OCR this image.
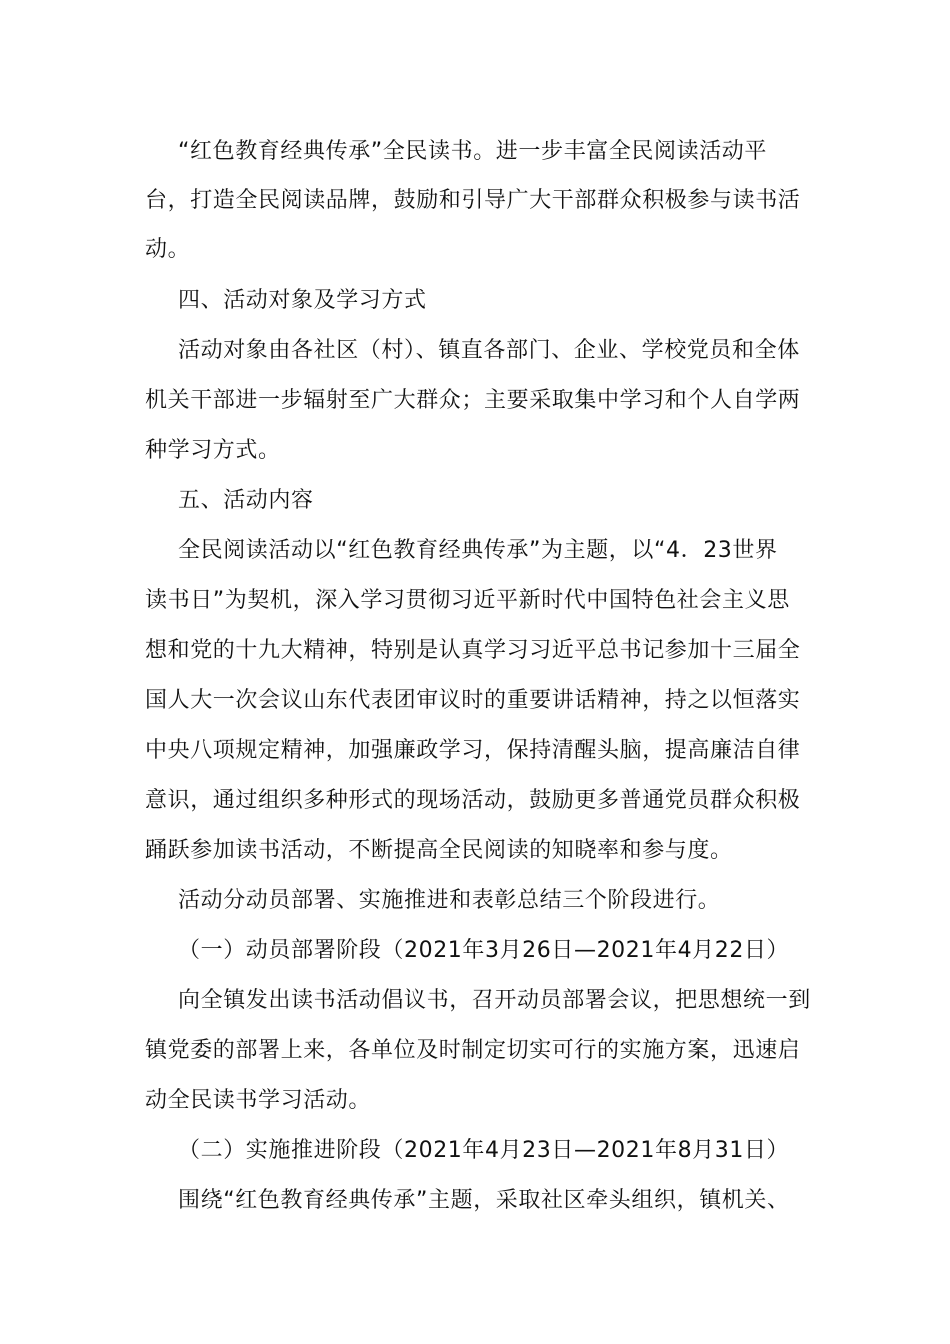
“红色教育经典传承”全民读书。进一步丰富全民阅读活动平
台，打造全民阅读品牌，鼓励和引导广大干部群众积极参与读书活
动。
四、活动对象及学习方式
活动对象由各社区（村）、镇直各部门、企业、学校党员和全体
机关干部进一步辐射至广大群众；主要采取集中学习和个人自学两
种学习方式。
五、活动内容
全民阅读活动以“红色教育经典传承”为主题，以“4．23世界
读书日”为契机，深入学习贯彻习近平新时代中国特色社会主义思
想和党的十九大精神，特别是认真学习习近平总书记参加十三届全
国人大一次会议山东代表团审议时的重要讲话精神，持之以恒落实
中央八项规定精神，加强廉政学习，保持清醒头脑，提高廉洁自律
意识，通过组织多种形式的现场活动，鼓励更多普通党员群众积极
踊跃参加读书活动，不断提高全民阅读的知晓率和参与度。
活动分动员部署、实施推进和表彰总结三个阶段进行。
（一）动员部署阶段（2021年3月26日—2021年4月22日）
向全镇发出读书活动倡议书，召开动员部署会议，把思想统一到
镇党委的部署上来，各单位及时制定切实可行的实施方案，迅速启
动全民读书学习活动。
（二）实施推进阶段（2021年4月23日—2021年8月31日）
围绕“红色教育经典传承”主题，采取社区牵头组织，镇机关、
